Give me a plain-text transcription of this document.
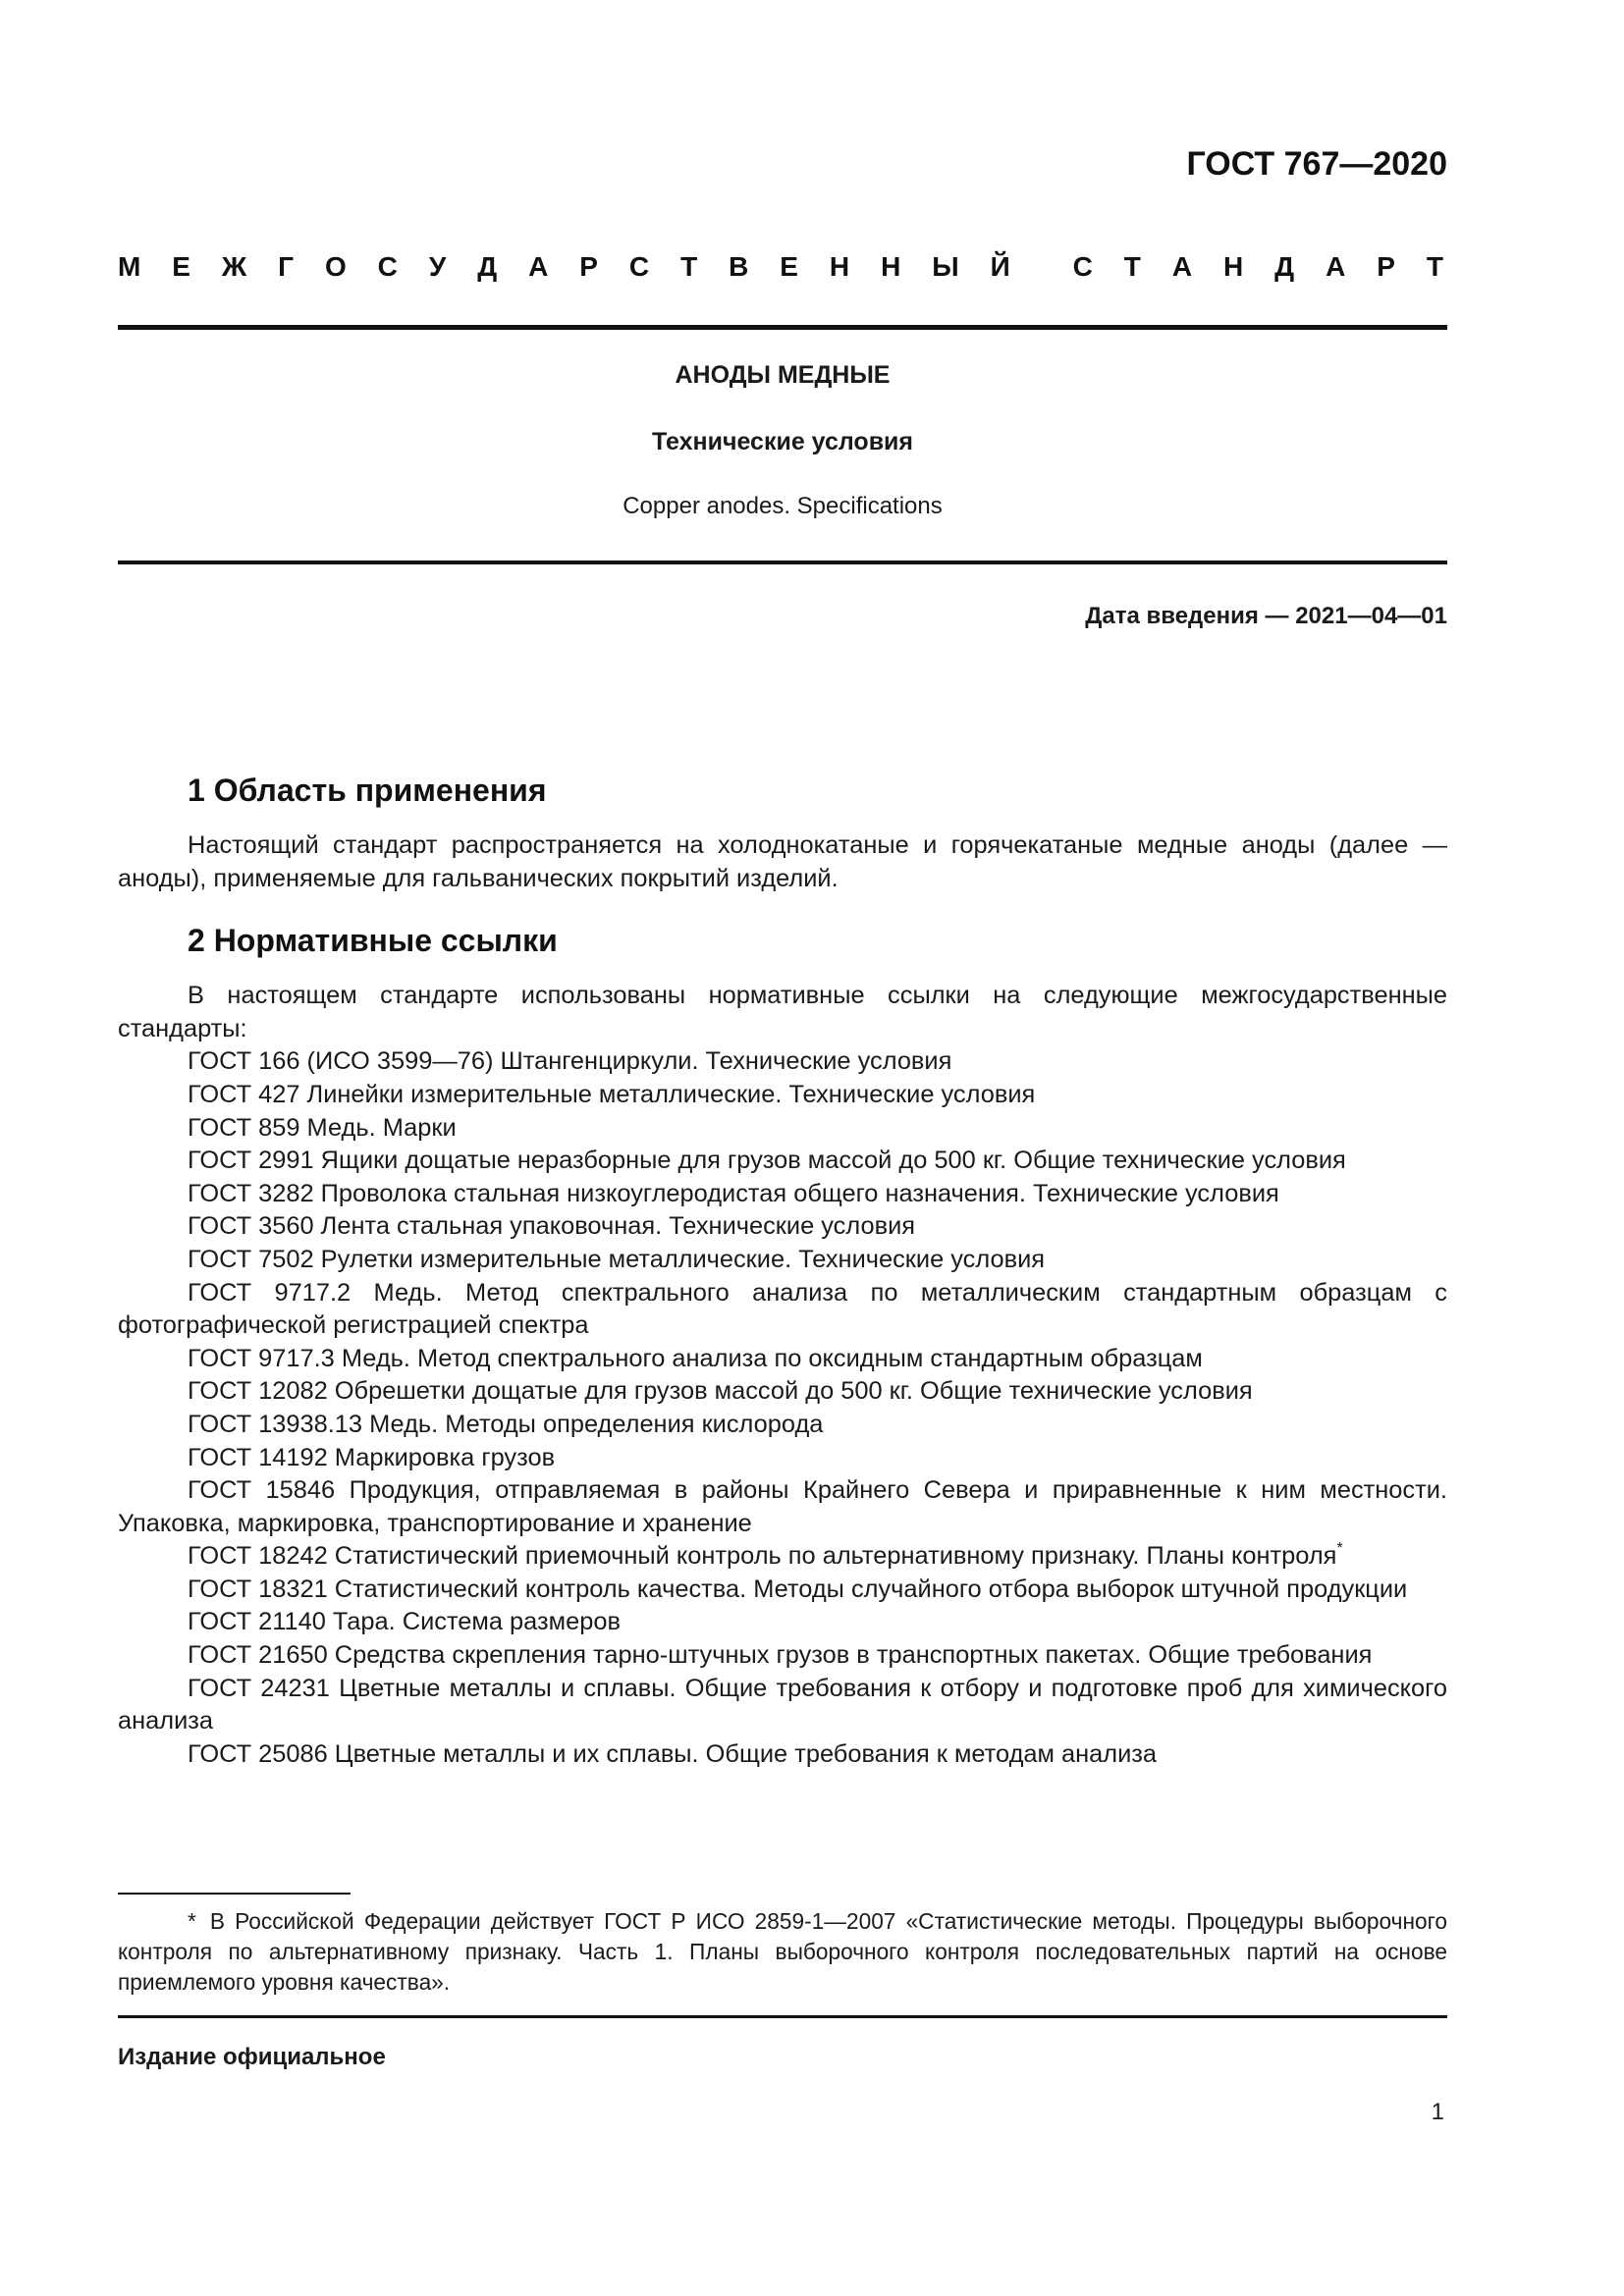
ГОСТ 767—2020
М Е Ж Г О С У Д А Р С Т В Е Н Н Ы Й С Т А Н Д А Р Т
АНОДЫ МЕДНЫЕ
Технические условия
Copper anodes. Specifications
Дата введения — 2021—04—01
1 Область применения

Настоящий стандарт распространяется на холоднокатаные и горячекатаные медные аноды (далее — аноды), применяемые для гальванических покрытий изделий.

2 Нормативные ссылки

В настоящем стандарте использованы нормативные ссылки на следующие межгосударственные стандарты:

ГОСТ 166 (ИСО 3599—76) Штангенциркули. Технические условия
ГОСТ 427 Линейки измерительные металлические. Технические условия
ГОСТ 859 Медь. Марки
ГОСТ 2991 Ящики дощатые неразборные для грузов массой до 500 кг. Общие технические условия
ГОСТ 3282 Проволока стальная низкоуглеродистая общего назначения. Технические условия
ГОСТ 3560 Лента стальная упаковочная. Технические условия
ГОСТ 7502 Рулетки измерительные металлические. Технические условия
ГОСТ 9717.2 Медь. Метод спектрального анализа по металлическим стандартным образцам с фотографической регистрацией спектра
ГОСТ 9717.3 Медь. Метод спектрального анализа по оксидным стандартным образцам
ГОСТ 12082 Обрешетки дощатые для грузов массой до 500 кг. Общие технические условия
ГОСТ 13938.13 Медь. Методы определения кислорода
ГОСТ 14192 Маркировка грузов
ГОСТ 15846 Продукция, отправляемая в районы Крайнего Севера и приравненные к ним местности. Упаковка, маркировка, транспортирование и хранение
ГОСТ 18242 Статистический приемочный контроль по альтернативному признаку. Планы контроля*
ГОСТ 18321 Статистический контроль качества. Методы случайного отбора выборок штучной продукции
ГОСТ 21140 Тара. Система размеров
ГОСТ 21650 Средства скрепления тарно-штучных грузов в транспортных пакетах. Общие требования
ГОСТ 24231 Цветные металлы и сплавы. Общие требования к отбору и подготовке проб для химического анализа
ГОСТ 25086 Цветные металлы и их сплавы. Общие требования к методам анализа

* В Российской Федерации действует ГОСТ Р ИСО 2859-1—2007 «Статистические методы. Процедуры выборочного контроля по альтернативному признаку. Часть 1. Планы выборочного контроля последовательных партий на основе приемлемого уровня качества».

Издание официальное
1
